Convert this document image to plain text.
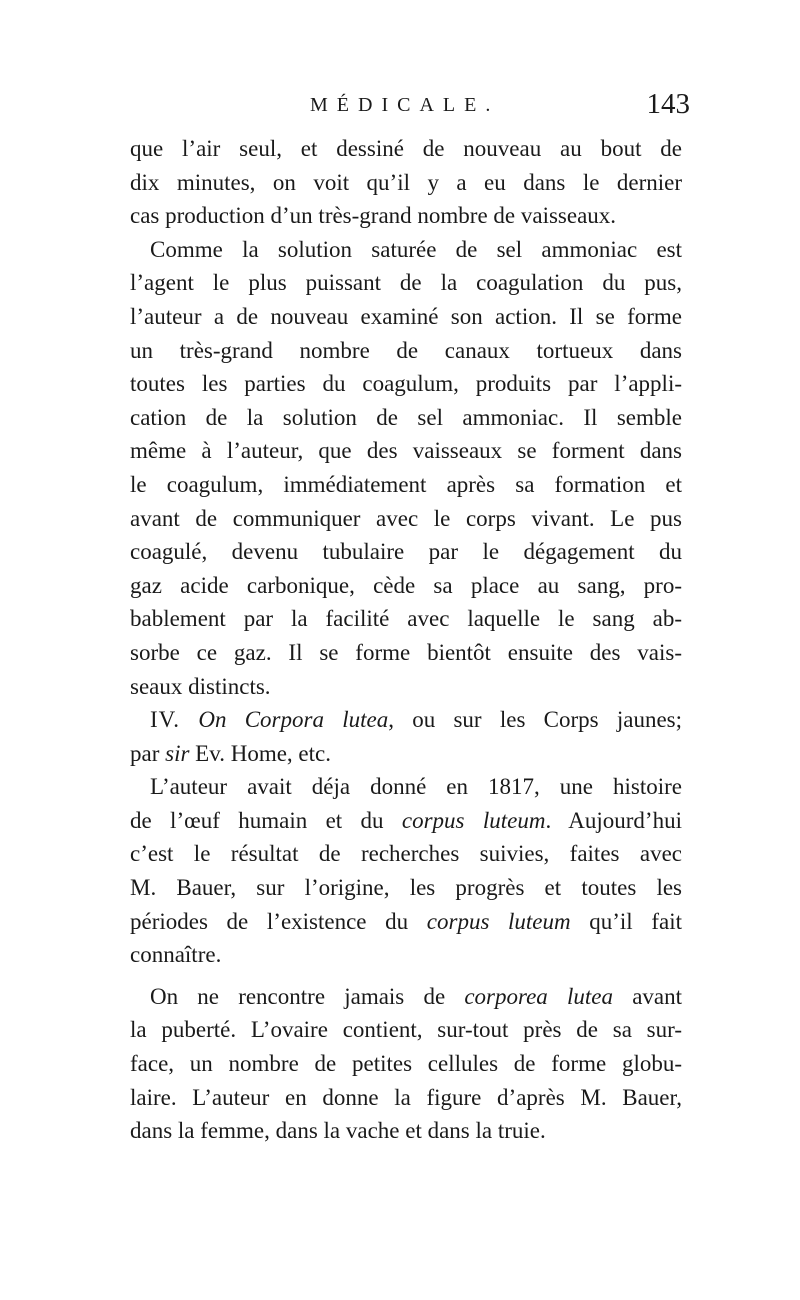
MÉDICALE.	143
que l’air seul, et dessiné de nouveau au bout de
dix minutes, on voit qu’il y a eu dans le dernier
cas production d’un très-grand nombre de vaisseaux.
Comme la solution saturée de sel ammoniac est
l’agent le plus puissant de la coagulation du pus,
l’auteur a de nouveau examiné son action. Il se forme
un très-grand nombre de canaux tortueux dans
toutes les parties du coagulum, produits par l’appli-
cation de la solution de sel ammoniac. Il semble
même à l’auteur, que des vaisseaux se forment dans
le coagulum, immédiatement après sa formation et
avant de communiquer avec le corps vivant. Le pus
coagulé, devenu tubulaire par le dégagement du
gaz acide carbonique, cède sa place au sang, pro-
bablement par la facilité avec laquelle le sang ab-
sorbe ce gaz. Il se forme bientôt ensuite des vais-
seaux distincts.
IV. On Corpora lutea, ou sur les Corps jaunes;
par sir Ev. Home, etc.
L’auteur avait déja donné en 1817, une histoire
de l’œuf humain et du corpus luteum. Aujourd’hui
c’est le résultat de recherches suivies, faites avec
M. Bauer, sur l’origine, les progrès et toutes les
périodes de l’existence du corpus luteum qu’il fait
connaître.
On ne rencontre jamais de corporea lutea avant
la puberté. L’ovaire contient, sur-tout près de sa sur-
face, un nombre de petites cellules de forme globu-
laire. L’auteur en donne la figure d’après M. Bauer,
dans la femme, dans la vache et dans la truie.
